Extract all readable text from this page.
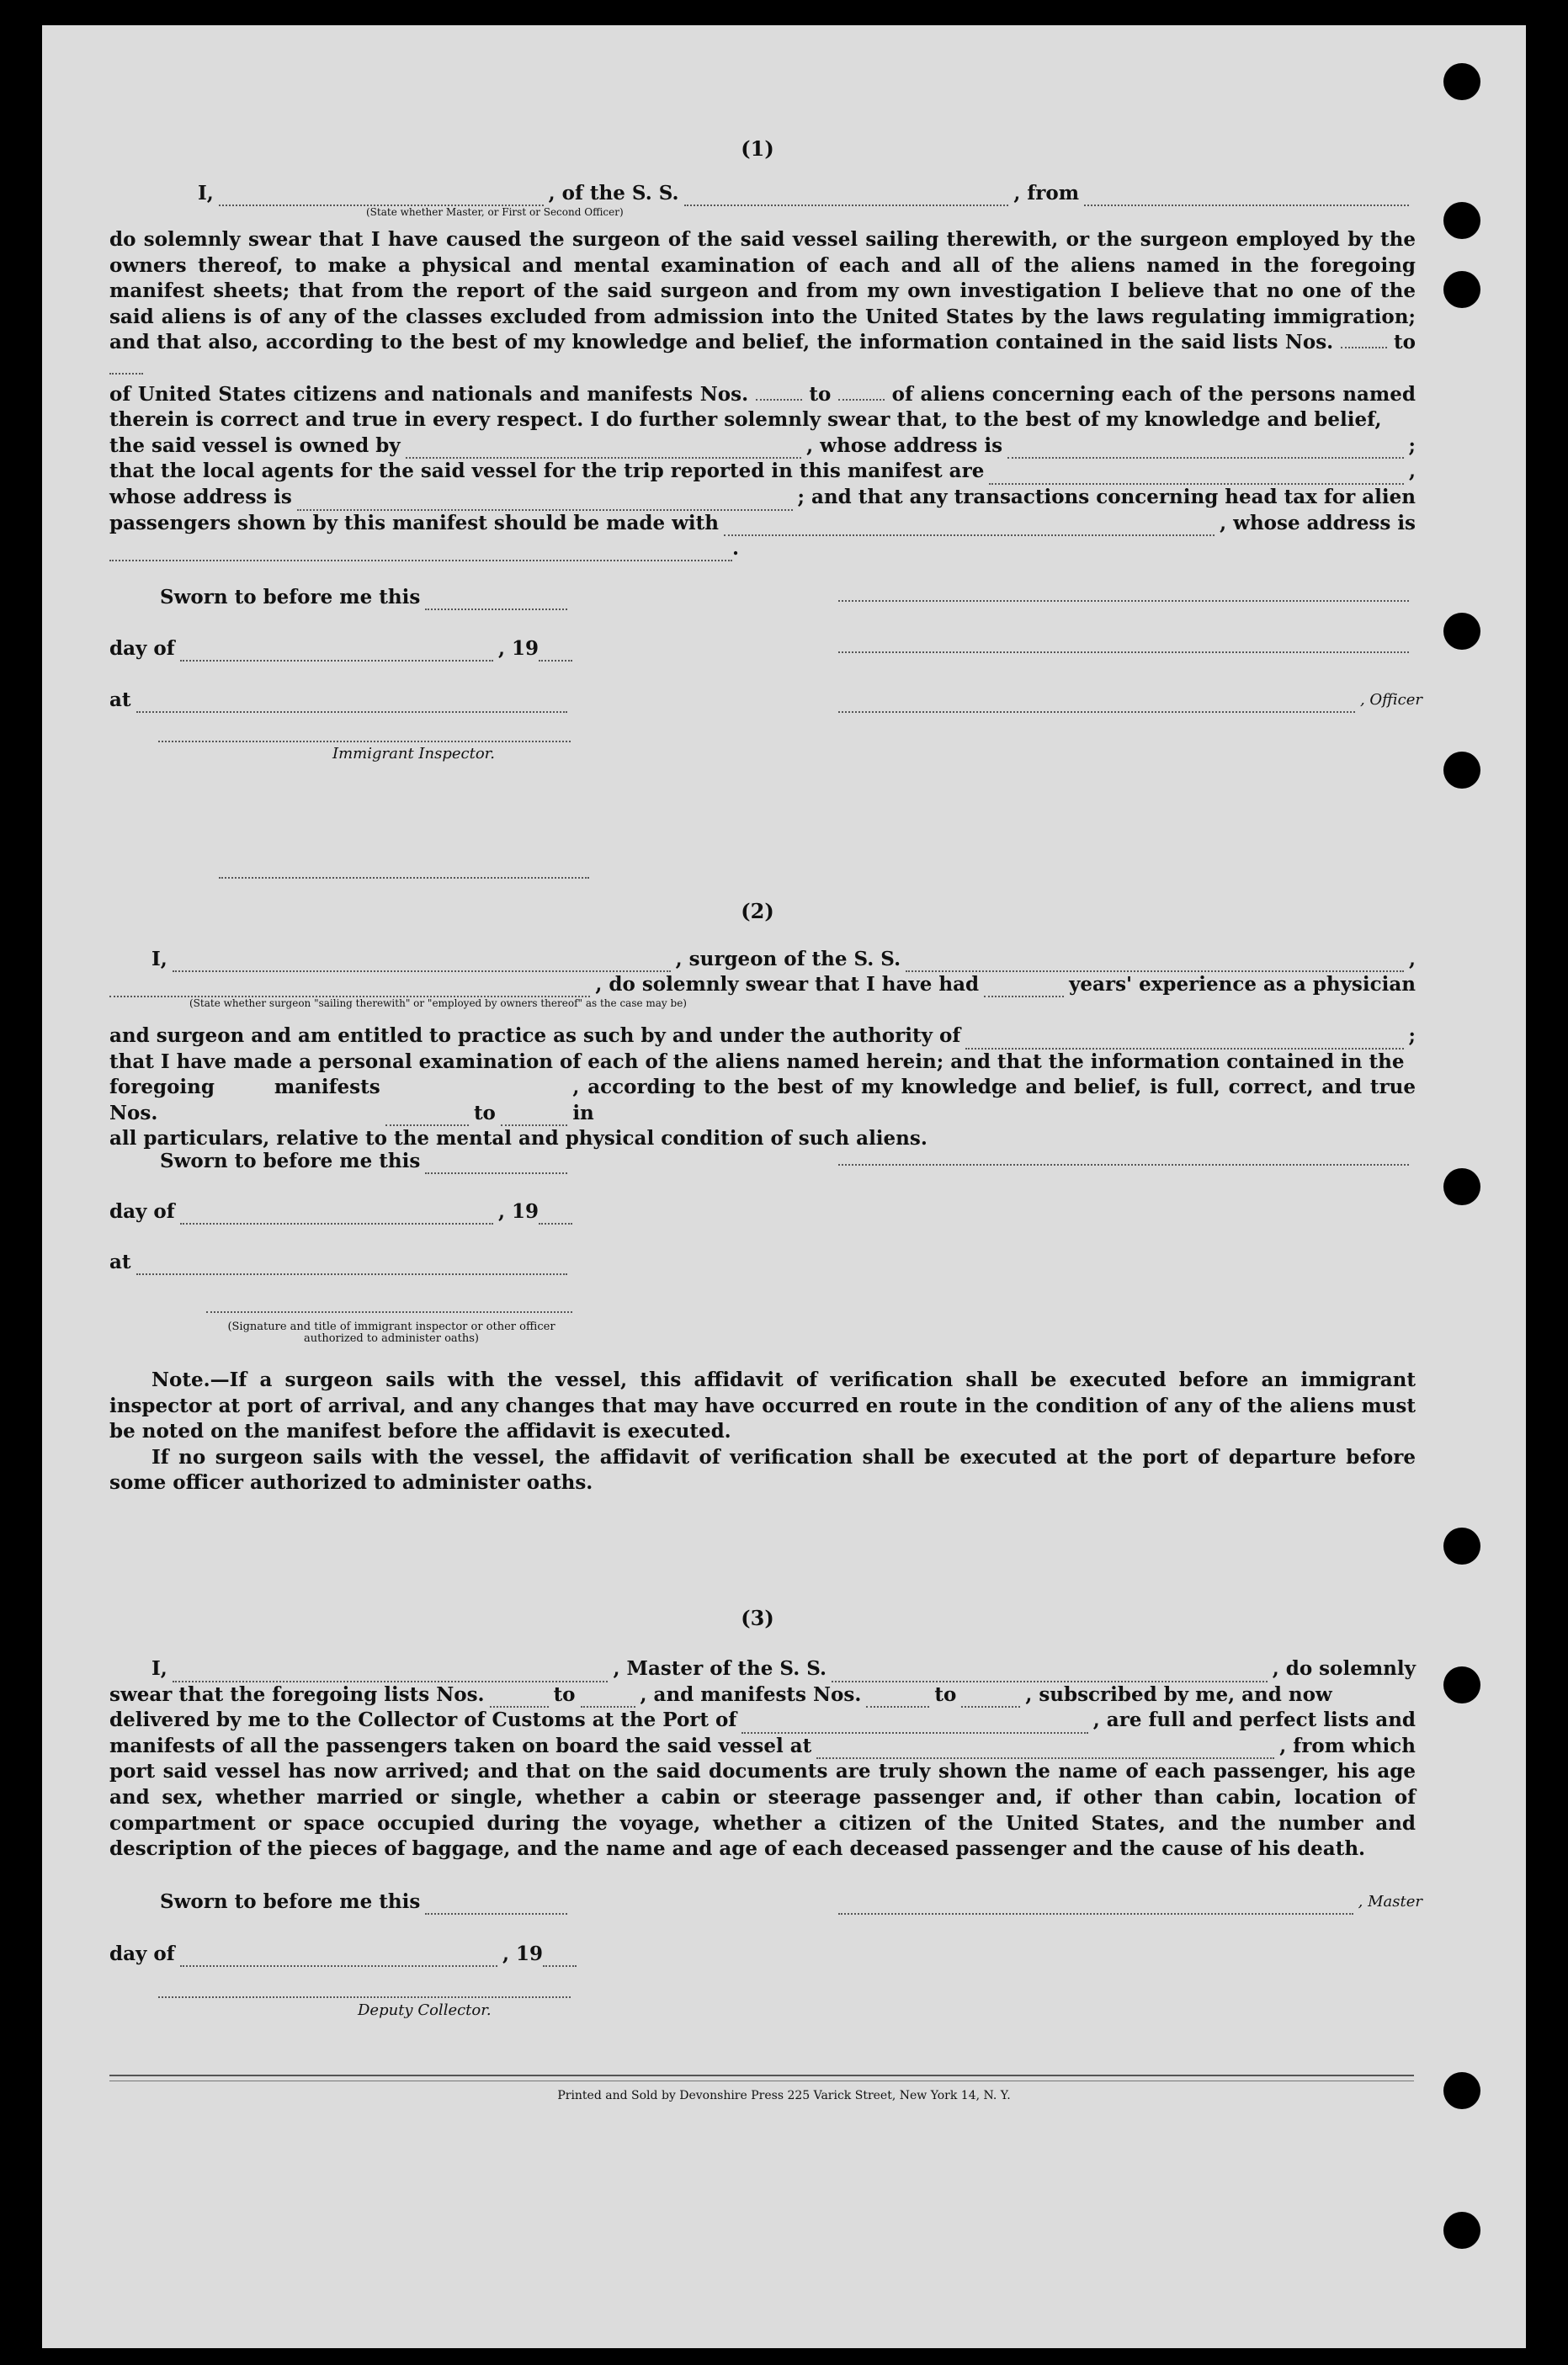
(1)
I,	, of the S. S.	, from
(State whether Master, or First or Second Officer)

do solemnly swear that I have caused the surgeon of the said vessel sailing therewith, or the surgeon employed by the owners thereof, to make a physical and mental examination of each and all of the aliens named in the foregoing manifest sheets; that from the report of the said surgeon and from my own investigation I believe that no one of the said aliens is of any of the classes excluded from admission into the United States by the laws regulating immigration; and that also, according to the best of my knowledge and belief, the information contained in the said lists Nos.	to

of United States citizens and nationals and manifests Nos.	to	of aliens concerning each of the persons named therein is correct and true in every respect. I do further solemnly swear that, to the best of my knowledge and belief,

the said vessel is owned by	, whose address is	;
that the local agents for the said vessel for the trip reported in this manifest are	,
whose address is	; and that any transactions concerning head tax for alien
passengers shown by this manifest should be made with	, whose address is
.
Sworn to before me this
day of	, 19
at
Immigrant Inspector.
, Officer
(2)
I,	, surgeon of the S. S.	,
, do solemnly swear that I have had	years' experience as a physician
(State whether surgeon "sailing therewith" or "employed by owners thereof" as the case may be)
and surgeon and am entitled to practice as such by and under the authority of	;

that I have made a personal examination of each of the aliens named herein; and that the information contained in the

foregoing manifests Nos.	to
, according to the best of my knowledge and belief, is full, correct, and true in

all particulars, relative to the mental and physical condition of such aliens.

Sworn to before me this
day of	, 19
at
(Signature and title of immigrant inspector or other officer authorized to administer oaths)

Note.—If a surgeon sails with the vessel, this affidavit of verification shall be executed before an immigrant inspector at port of arrival, and any changes that may have occurred en route in the condition of any of the aliens must be noted on the manifest before the affidavit is executed.

If no surgeon sails with the vessel, the affidavit of verification shall be executed at the port of departure before some officer authorized to administer oaths.

(3)
I,	, Master of the S. S.	, do solemnly
swear that the foregoing lists Nos.	to	, and manifests Nos.	to	, subscribed by me, and now
delivered by me to the Collector of Customs at the Port of	, are full and perfect lists and
manifests of all the passengers taken on board the said vessel at	, from which

port said vessel has now arrived; and that on the said documents are truly shown the name of each passenger, his age and sex, whether married or single, whether a cabin or steerage passenger and, if other than cabin, location of compartment or space occupied during the voyage, whether a citizen of the United States, and the number and description of the pieces of baggage, and the name and age of each deceased passenger and the cause of his death.

Sworn to before me this
day of	, 19
, Master
Deputy Collector.
Printed and Sold by Devonshire Press 225 Varick Street, New York 14, N. Y.
